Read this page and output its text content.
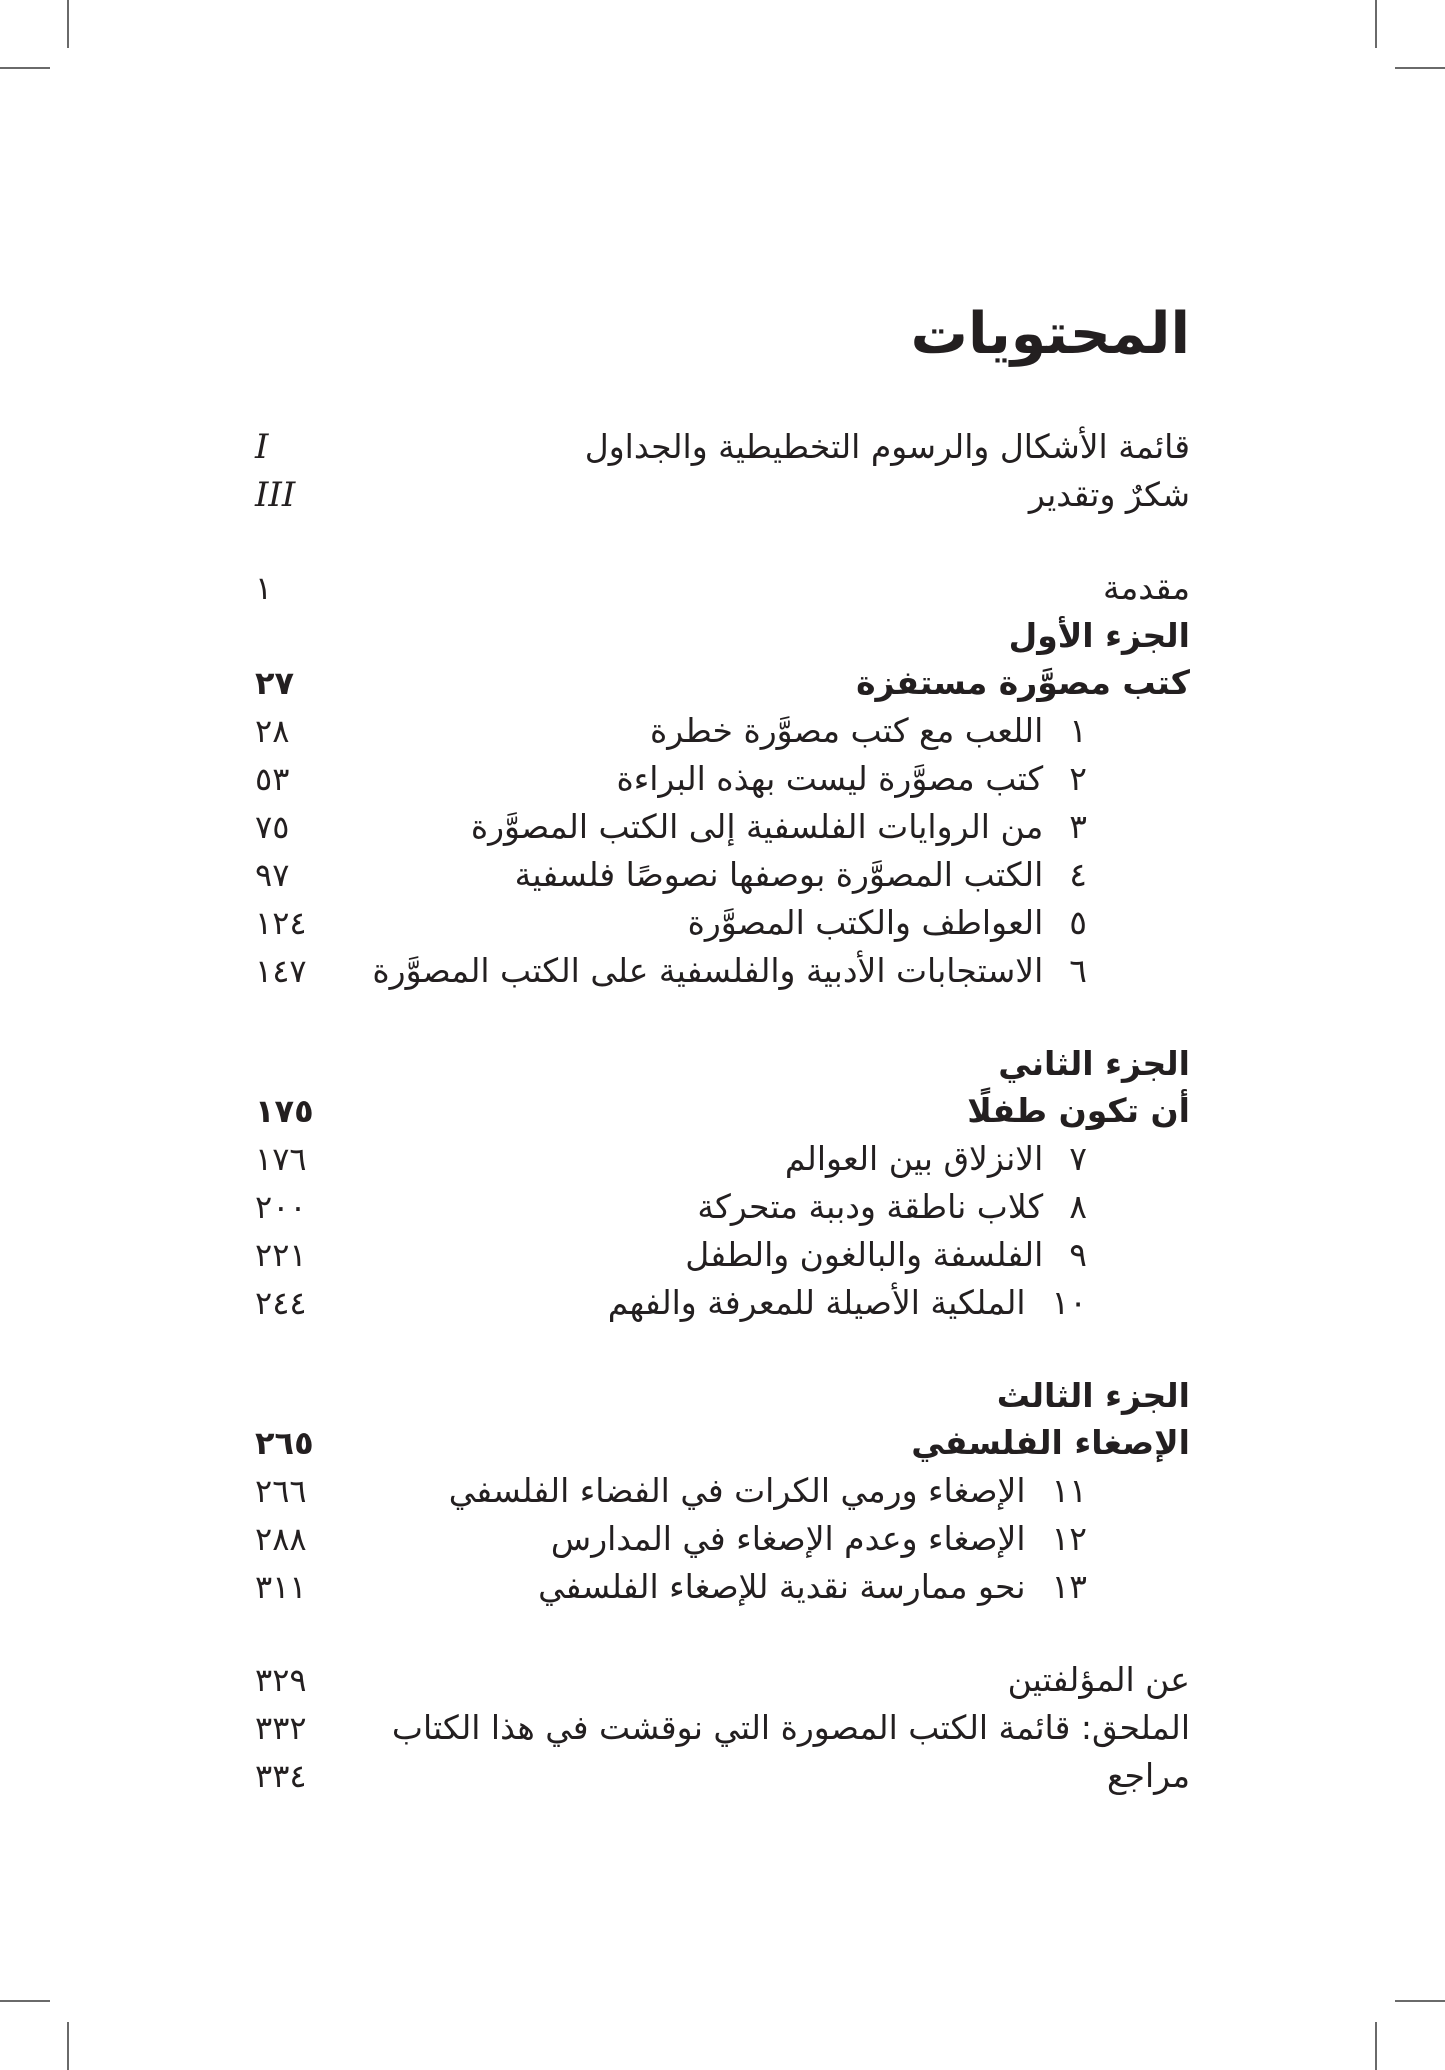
المحتويات
قائمة الأشكال والرسوم التخطيطية والجداول
I
شكرٌ وتقدير
III
مقدمة
١
الجزء الأول
كتب مصوَّرة مستفزة
٢٧
١اللعب مع كتب مصوَّرة خطرة
٢٨
٢كتب مصوَّرة ليست بهذه البراءة
٥٣
٣من الروايات الفلسفية إلى الكتب المصوَّرة
٧٥
٤الكتب المصوَّرة بوصفها نصوصًا فلسفية
٩٧
٥العواطف والكتب المصوَّرة
١٢٤
٦الاستجابات الأدبية والفلسفية على الكتب المصوَّرة
١٤٧
الجزء الثاني
أن تكون طفلًا
١٧٥
٧الانزلاق بين العوالم
١٧٦
٨كلاب ناطقة ودببة متحركة
٢٠٠
٩الفلسفة والبالغون والطفل
٢٢١
١٠الملكية الأصيلة للمعرفة والفهم
٢٤٤
الجزء الثالث
الإصغاء الفلسفي
٢٦٥
١١الإصغاء ورمي الكرات في الفضاء الفلسفي
٢٦٦
١٢الإصغاء وعدم الإصغاء في المدارس
٢٨٨
١٣نحو ممارسة نقدية للإصغاء الفلسفي
٣١١
عن المؤلفتين
٣٢٩
الملحق: قائمة الكتب المصورة التي نوقشت في هذا الكتاب
٣٣٢
مراجع
٣٣٤
